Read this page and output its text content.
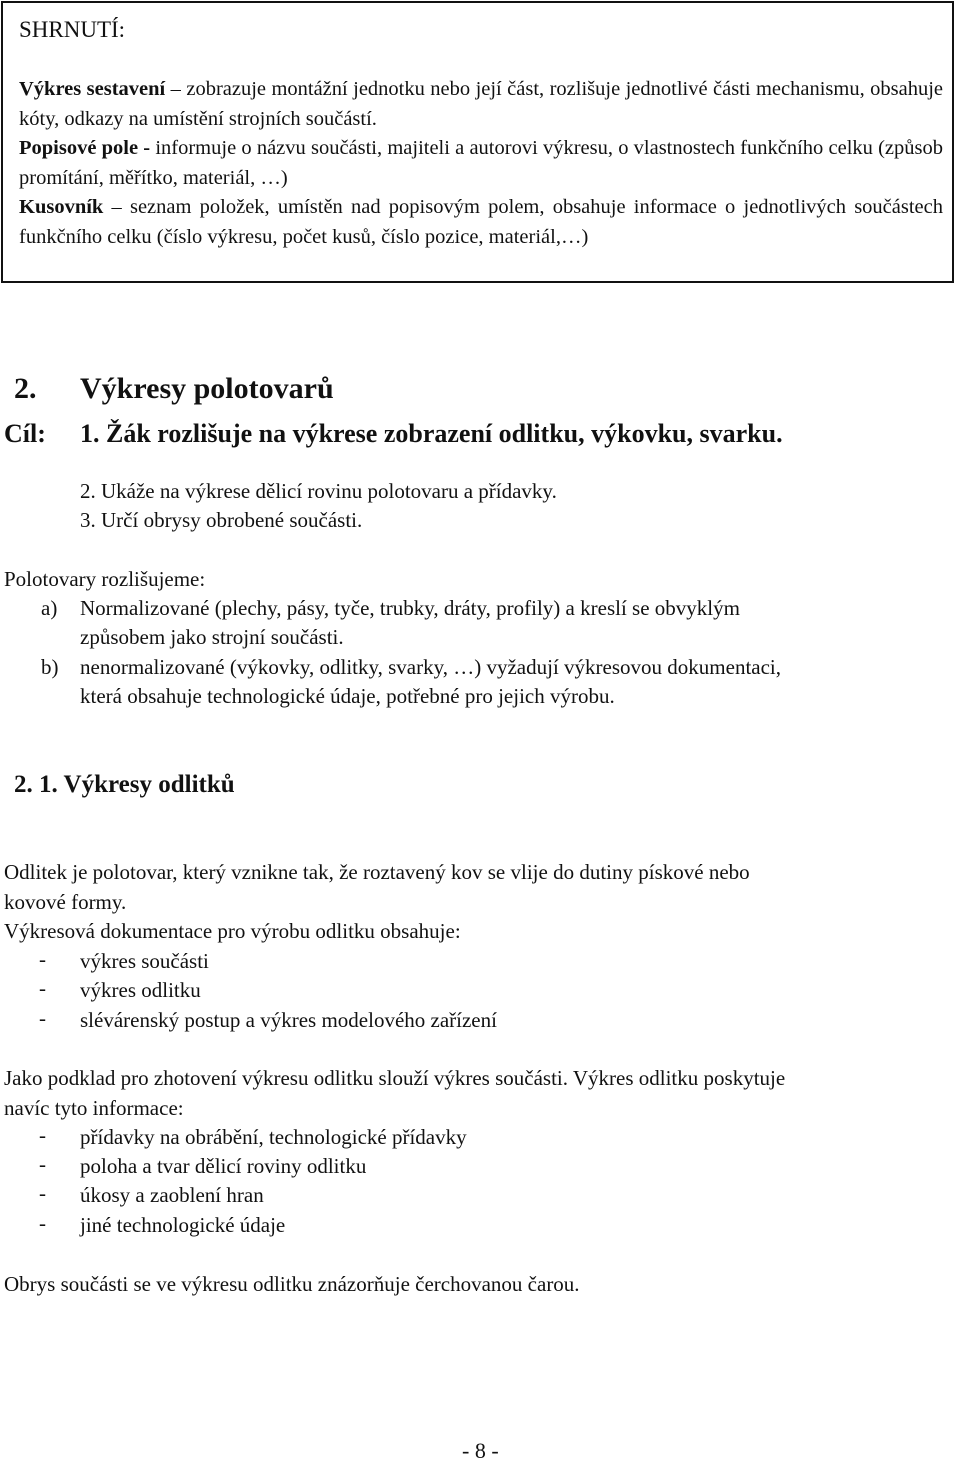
SHRNUTÍ:

Výkres sestavení – zobrazuje montážní jednotku nebo její část, rozlišuje jednotlivé části mechanismu, obsahuje kóty, odkazy na umístění strojních součástí.

Popisové pole - informuje o názvu součásti, majiteli a autorovi výkresu, o vlastnostech funkčního celku (způsob promítání, měřítko, materiál, …)

Kusovník – seznam položek, umístěn nad popisovým polem, obsahuje informace o jednotlivých součástech funkčního celku (číslo výkresu, počet kusů, číslo pozice, materiál,…)

2. Výkresy polotovarů
Cíl: 1. Žák rozlišuje na výkrese zobrazení odlitku, výkovku, svarku.
2. Ukáže na výkrese dělicí rovinu polotovaru a přídavky.
3. Určí obrysy obrobené součásti.
Polotovary rozlišujeme:
a) Normalizované (plechy, pásy, tyče, trubky, dráty, profily) a kreslí se obvyklým
způsobem jako strojní součásti.
b) nenormalizované (výkovky, odlitky, svarky, …) vyžadují výkresovou dokumentaci,
která obsahuje technologické údaje, potřebné pro jejich výrobu.
2. 1. Výkresy odlitků
Odlitek je polotovar, který vznikne tak, že roztavený kov se vlije do dutiny pískové nebo
kovové formy.
Výkresová dokumentace pro výrobu odlitku obsahuje:
- výkres součásti
- výkres odlitku
- slévárenský postup a výkres modelového zařízení
Jako podklad pro zhotovení výkresu odlitku slouží výkres součásti. Výkres odlitku poskytuje
navíc tyto informace:
- přídavky na obrábění, technologické přídavky
- poloha a tvar dělicí roviny odlitku
- úkosy a zaoblení hran
- jiné technologické údaje
Obrys součásti se ve výkresu odlitku znázorňuje čerchovanou čarou.
- 8 -
